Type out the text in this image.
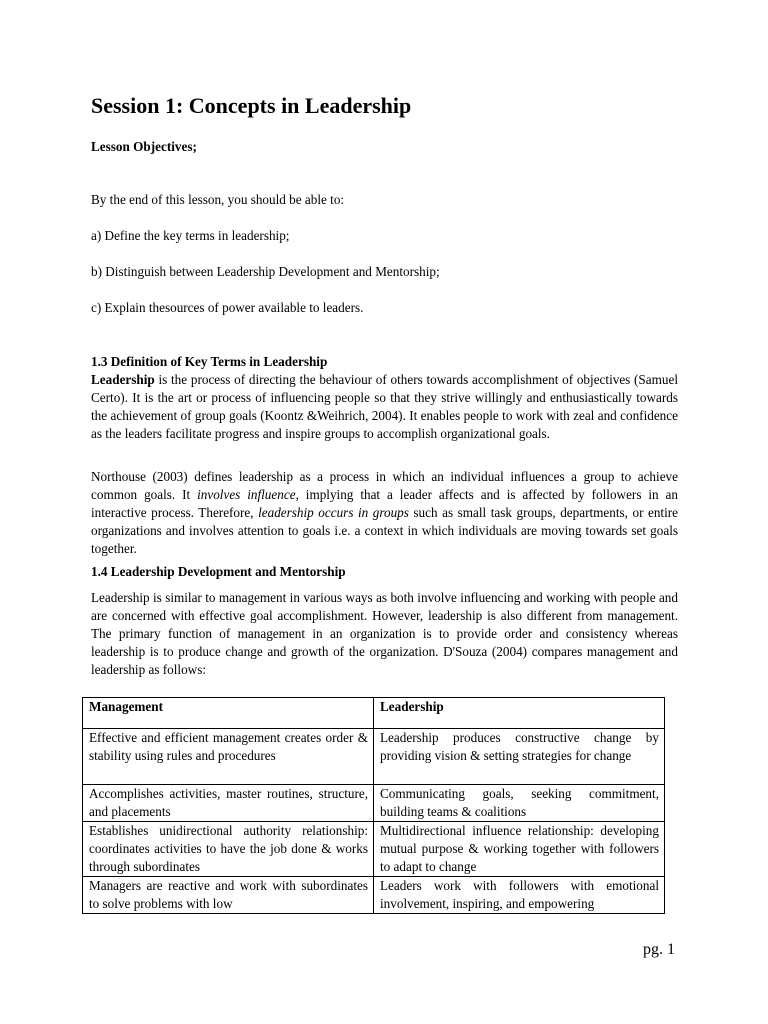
Session 1: Concepts in Leadership
Lesson Objectives;
By the end of this lesson, you should be able to:
a) Define the key terms in leadership;
b) Distinguish between Leadership Development and Mentorship;
c) Explain thesources of power available to leaders.
1.3 Definition of Key Terms in Leadership

Leadership is the process of directing the behaviour of others towards accomplishment of objectives (Samuel Certo). It is the art or process of influencing people so that they strive willingly and enthusiastically towards the achievement of group goals (Koontz &Weihrich, 2004). It enables people to work with zeal and confidence as the leaders facilitate progress and inspire groups to accomplish organizational goals.

Northouse (2003) defines leadership as a process in which an individual influences a group to achieve common goals. It involves influence, implying that a leader affects and is affected by followers in an interactive process. Therefore, leadership occurs in groups such as small task groups, departments, or entire organizations and involves attention to goals i.e. a context in which individuals are moving towards set goals together.

1.4 Leadership Development and Mentorship

Leadership is similar to management in various ways as both involve influencing and working with people and are concerned with effective goal accomplishment. However, leadership is also different from management. The primary function of management in an organization is to provide order and consistency whereas leadership is to produce change and growth of the organization. D'Souza (2004) compares management and leadership as follows:

Management	Leadership
Effective and efficient management creates order & stability using rules and procedures	Leadership produces constructive change by providing vision & setting strategies for change
Accomplishes activities, master routines, structure, and placements	Communicating goals, seeking commitment, building teams & coalitions
Establishes unidirectional authority relationship: coordinates activities to have the job done & works through subordinates	Multidirectional influence relationship: developing mutual purpose & working together with followers to adapt to change

Managers are reactive and work with subordinates to solve problems with low	Leaders work with followers with emotional involvement, inspiring, and empowering
pg. 1
